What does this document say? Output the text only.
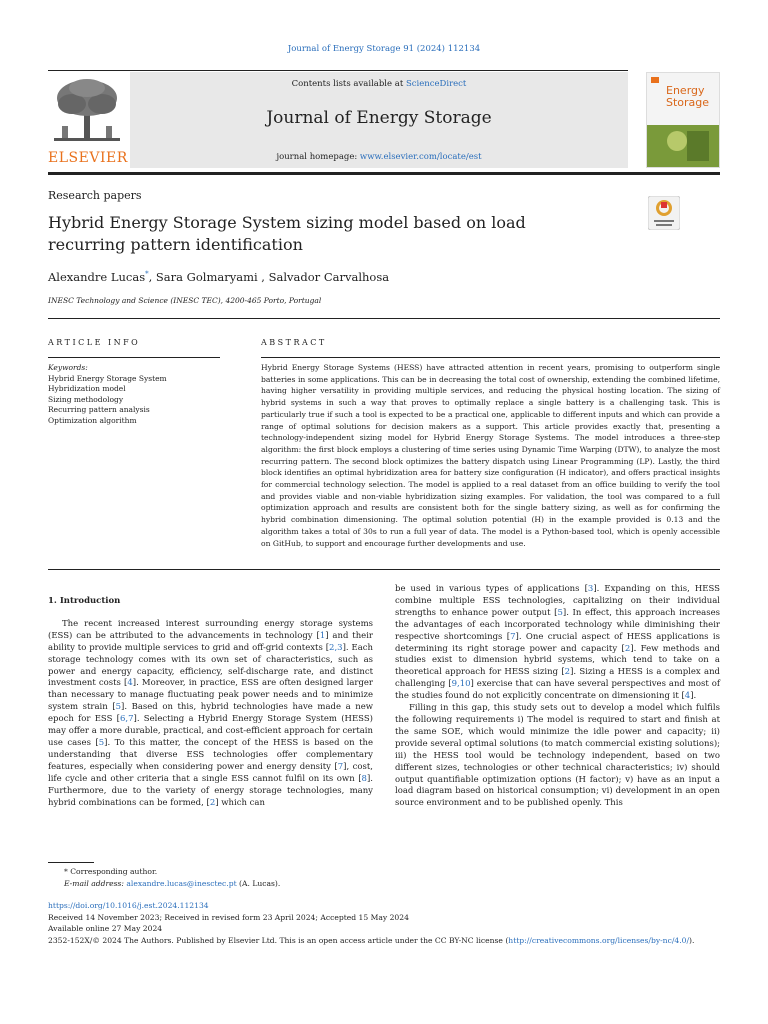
Journal of Energy Storage 91 (2024) 112134
ELSEVIER
Contents lists available at ScienceDirect
Journal of Energy Storage
journal homepage: www.elsevier.com/locate/est
Energy
Storage
Research papers
Hybrid Energy Storage System sizing model based on load recurring pattern identification
Alexandre Lucas*, Sara Golmaryami , Salvador Carvalhosa
INESC Technology and Science (INESC TEC), 4200-465 Porto, Portugal
ARTICLE INFO	ABSTRACT
Keywords:
Hybrid Energy Storage System
Hybridization model
Sizing methodology
Recurring pattern analysis
Optimization algorithm
Hybrid Energy Storage Systems (HESS) have attracted attention in recent years, promising to outperform single batteries in some applications. This can be in decreasing the total cost of ownership, extending the combined lifetime, having higher versatility in providing multiple services, and reducing the physical hosting location. The sizing of hybrid systems in such a way that proves to optimally replace a single battery is a challenging task. This is particularly true if such a tool is expected to be a practical one, applicable to different inputs and which can provide a range of optimal solutions for decision makers as a support. This article provides exactly that, presenting a technology-independent sizing model for Hybrid Energy Storage Systems. The model introduces a three-step algorithm: the first block employs a clustering of time series using Dynamic Time Warping (DTW), to analyze the most recurring pattern. The second block optimizes the battery dispatch using Linear Programming (LP). Lastly, the third block identifies an optimal hybridization area for battery size configuration (H indicator), and offers practical insights for commercial technology selection. The model is applied to a real dataset from an office building to verify the tool and provides viable and non-viable hybridization sizing examples. For validation, the tool was compared to a full optimization approach and results are consistent both for the single battery sizing, as well as for confirming the hybrid combination dimensioning. The optimal solution potential (H) in the example provided is 0.13 and the algorithm takes a total of 30s to run a full year of data. The model is a Python-based tool, which is openly accessible on GitHub, to support and encourage further developments and use.

1. Introduction

The recent increased interest surrounding energy storage systems (ESS) can be attributed to the advancements in technology [1] and their ability to provide multiple services to grid and off-grid contexts [2,3]. Each storage technology comes with its own set of characteristics, such as power and energy capacity, efficiency, self-discharge rate, and distinct investment costs [4]. Moreover, in practice, ESS are often designed larger than necessary to manage fluctuating peak power needs and to minimize system strain [5]. Based on this, hybrid technologies have made a new epoch for ESS [6,7]. Selecting a Hybrid Energy Storage System (HESS) may offer a more durable, practical, and cost-efficient approach for certain use cases [5]. To this matter, the concept of the HESS is based on the understanding that diverse ESS technologies offer complementary features, especially when considering power and energy density [7], cost, life cycle and other criteria that a single ESS cannot fulfil on its own [8]. Furthermore, due to the variety of energy storage technologies, many hybrid combinations can be formed, [2] which can

be used in various types of applications [3]. Expanding on this, HESS combine multiple ESS technologies, capitalizing on their individual strengths to enhance power output [5]. In effect, this approach increases the advantages of each incorporated technology while diminishing their respective shortcomings [7]. One crucial aspect of HESS applications is determining its right storage power and capacity [2]. Few methods and studies exist to dimension hybrid systems, which tend to take on a theoretical approach for HESS sizing [2]. Sizing a HESS is a complex and challenging [9,10] exercise that can have several perspectives and most of the studies found do not explicitly concentrate on dimensioning it [4].

Filling in this gap, this study sets out to develop a model which fulfils the following requirements i) The model is required to start and finish at the same SOE, which would minimize the idle power and capacity; ii) provide several optimal solutions (to match commercial existing solutions); iii) the HESS tool would be technology independent, based on two different sizes, technologies or other technical characteristics; iv) should output quantifiable optimization options (H factor); v) have as an input a load diagram based on historical consumption; vi) development in an open source environment and to be published openly. This

* Corresponding author.

E-mail address: alexandre.lucas@inesctec.pt (A. Lucas).

https://doi.org/10.1016/j.est.2024.112134

Received 14 November 2023; Received in revised form 23 April 2024; Accepted 15 May 2024

Available online 27 May 2024

2352-152X/© 2024 The Authors. Published by Elsevier Ltd. This is an open access article under the CC BY-NC license (http://creativecommons.org/licenses/by-nc/4.0/).
